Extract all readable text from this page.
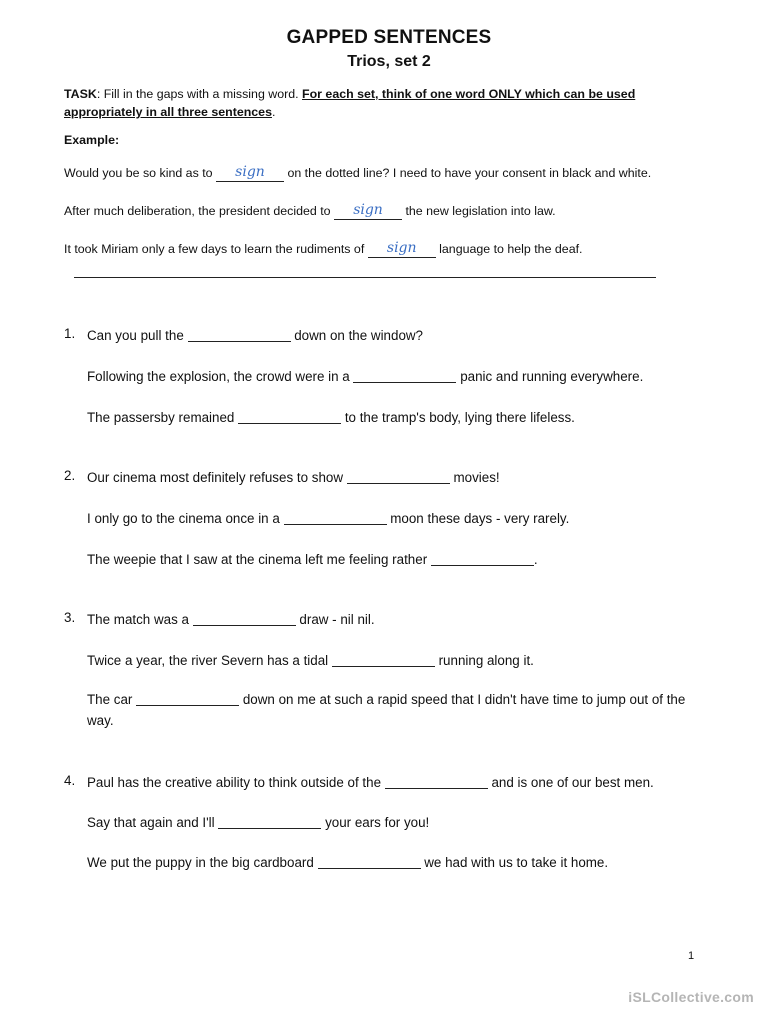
GAPPED SENTENCES
Trios, set 2
TASK: Fill in the gaps with a missing word. For each set, think of one word ONLY which can be used appropriately in all three sentences.
Example:
Would you be so kind as to sign on the dotted line? I need to have your consent in black and white.
After much deliberation, the president decided to sign the new legislation into law.
It took Miriam only a few days to learn the rudiments of sign language to help the deaf.
1. Can you pull the	down on the window?
Following the explosion, the crowd were in a	panic and running everywhere.
The passersby remained	to the tramp's body, lying there lifeless.
2. Our cinema most definitely refuses to show	movies!
I only go to the cinema once in a	moon these days - very rarely.
The weepie that I saw at the cinema left me feeling rather	.
3. The match was a	draw - nil nil.
Twice a year, the river Severn has a tidal	running along it.
The car	down on me at such a rapid speed that I didn't have time to jump out of the way.
4. Paul has the creative ability to think outside of the	and is one of our best men.
Say that again and I'll	your ears for you!
We put the puppy in the big cardboard	we had with us to take it home.
1
iSLCollective.com
